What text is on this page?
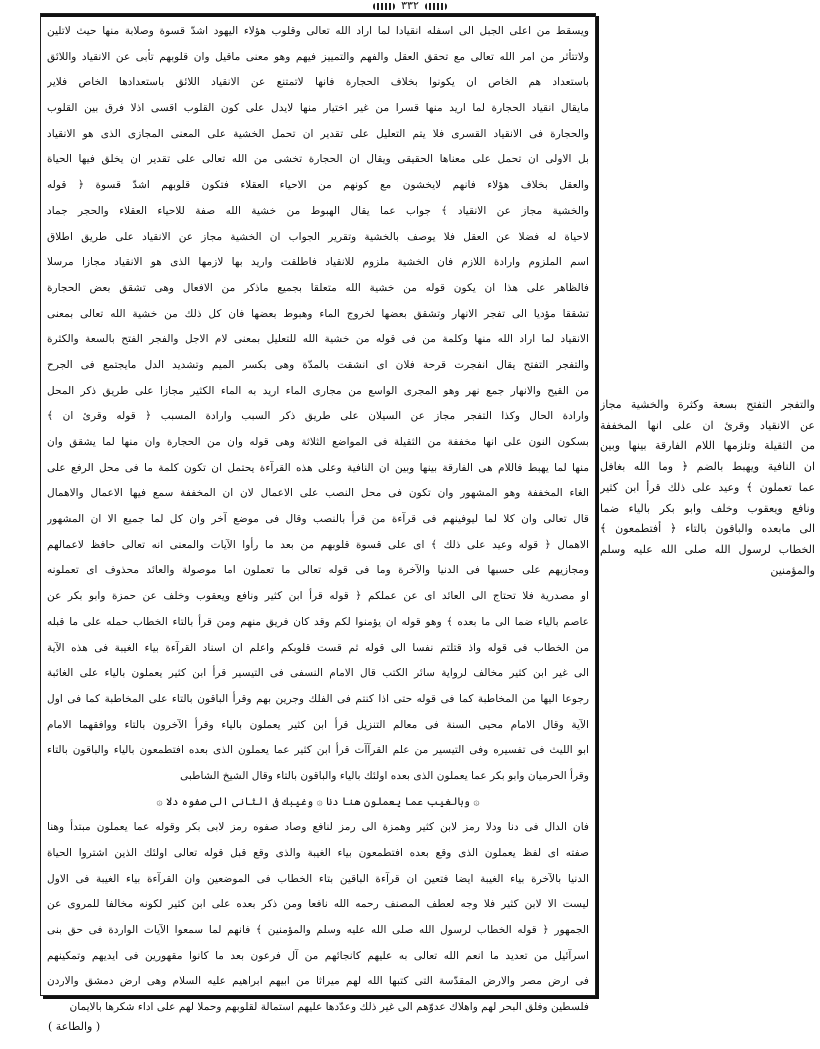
٣٣٢
ويسقط من اعلى الجبل الى اسفله انقيادا لما اراد الله تعالى وقلوب هؤلاء اليهود اشدّ قسوة وصلابة منها حيث لاتلين
ولاتتأثر من امر الله تعالى مع تحقق العقل والفهم والتمييز فيهم وهو معنى ماقيل وان قلوبهم تأبى عن الانقياد واللائق
باستعداد هم الخاص ان يكونوا بخلاف الحجارة فانها لاتمتنع عن الانقياد اللائق باستعدادها الخاص فلاير
مايقال انقياد الحجارة لما اريد منها قسرا من غير اختيار منها لايدل على كون القلوب اقسى اذلا فرق بين القلوب
والحجارة فى الانقياد القسرى فلا يتم التعليل على تقدير ان تحمل الخشية على المعنى المجازى الذى هو الانقياد
بل الاولى ان تحمل على معناها الحقيقى ويقال ان الحجارة تخشى من الله تعالى على تقدير ان يخلق فيها الحياة
والعقل بخلاف هؤلاء فانهم لايخشون مع كونهم من الاحياء العقلاء فتكون قلوبهم اشدّ قسوة ﴿ قوله
والخشية مجاز عن الانقياد ﴾ جواب عما يقال الهبوط من خشية الله صفة للاحياء العقلاء والحجر جماد
لاحياة له فضلا عن العقل فلا يوصف بالخشية وتقرير الجواب ان الخشية مجاز عن الانقياد على طريق اطلاق
اسم الملزوم وارادة اللازم فان الخشية ملزوم للانقياد فاطلقت واريد بها لازمها الذى هو الانقياد مجازا مرسلا
فالظاهر على هذا ان يكون قوله من خشية الله متعلقا بجميع ماذكر من الافعال وهى تشقق بعض الحجارة
تشققا مؤديا الى تفجر الانهار وتشقق بعضها لخروج الماء وهبوط بعضها فان كل ذلك من خشية الله تعالى بمعنى
الانقياد لما اراد الله منها وكلمة من فى قوله من خشية الله للتعليل بمعنى لام الاجل والفجر الفتح بالسعة والكثرة
والتفجر التفتح يقال انفجرت قرحة فلان اى انشقت بالمدّة وهى بكسر الميم وتشديد الدل مايجتمع فى الجرح
من القيح والانهار جمع نهر وهو المجرى الواسع من مجارى الماء اريد به الماء الكثير مجازا على طريق ذكر المحل
وارادة الحال وكذا التفجر مجاز عن السيلان على طريق ذكر السبب وارادة المسبب ﴿ قوله وقرئ ان ﴾
بسكون النون على انها مخففة من الثقيلة فى المواضع الثلاثة وهى قوله وان من الحجارة وان منها لما يشقق وان
منها لما يهبط فاللام هى الفارقة بينها وبين ان النافية وعلى هذه القرآءة يحتمل ان تكون كلمة ما فى محل الرفع على
الغاء المخففة وهو المشهور وان تكون فى محل النصب على الاعمال لان ان المخففة سمع فيها الاعمال والاهمال
قال تعالى وان كلا لما ليوفينهم فى قرآءة من قرأ بالنصب وقال فى موضع آخر وان كل لما جميع الا ان المشهور
الاهمال ﴿ قوله وعيد على ذلك ﴾ اى على قسوة قلوبهم من بعد ما رأوا الآيات والمعنى انه تعالى حافظ لاعمالهم
ومجازيهم على حسبها فى الدنيا والآخرة وما فى قوله تعالى ما تعملون اما موصولة والعائد محذوف اى تعملونه
او مصدرية فلا تحتاج الى العائد اى عن عملكم ﴿ قوله قرأ ابن كثير ونافع ويعقوب وخلف عن حمزة وابو بكر عن
عاصم بالياء ضما الى ما بعده ﴾ وهو قوله ان يؤمنوا لكم وقد كان فريق منهم ومن قرأ بالتاء الخطاب حمله على ما قبله
من الخطاب فى قوله واذ قتلتم نفسا الى قوله ثم قست قلوبكم واعلم ان اسناد القرآءة بياء الغيبة فى هذه الآية
الى غير ابن كثير مخالف لرواية سائر الكتب قال الامام النسفى فى التيسير قرأ ابن كثير يعملون بالياء على الغائبة
رجوعا اليها من المخاطبة كما فى قوله حتى اذا كنتم فى الفلك وجرين بهم وقرأ الباقون بالتاء على المخاطبة كما فى اول
الآية وقال الامام محيى السنة فى معالم التنزيل قرأ ابن كثير يعملون بالياء وقرأ الآخرون بالتاء ووافقهما الامام
ابو الليث فى تفسيره وفى التيسير من علم القرآآت قرأ ابن كثير عما يعملون الذى بعده افتطمعون بالياء والباقون بالتاء
وقرأ الحرميان وابو بكر عما يعملون الذى بعده اولئك بالياء والباقون بالتاء وقال الشيخ الشاطبى
۞ وبالغيب عما يعملون هنا دنا ۞ وغيبك فى الثانى الى صفوه دلا ۞
فان الدال فى دنا ودلا رمز لابن كثير وهمزة الى رمز لنافع وصاد صفوه رمز لابى بكر وقوله عما يعملون مبتدأ وهنا
صفته اى لفظ يعملون الذى وقع بعده افتطمعون بياء الغيبة والذى وقع قبل قوله تعالى اولئك الذين اشتروا الحياة
الدنيا بالآخرة بياء الغيبة ايضا فتعين ان قرآءة الباقين بتاء الخطاب فى الموضعين وان القرآءة بياء الغيبة فى الاول
ليست الا لابن كثير فلا وجه لعطف المصنف رحمه الله نافعا ومن ذكر بعده على ابن كثير لكونه مخالفا للمروى عن
الجمهور ﴿ قوله الخطاب لرسول الله صلى الله عليه وسلم والمؤمنين ﴾ فانهم لما سمعوا الآيات الواردة فى حق بنى
اسرآئيل من تعديد ما انعم الله تعالى به عليهم كانجائهم من آل فرعون بعد ما كانوا مقهورين فى ايديهم وتمكينهم
فى ارض مصر والارض المقدّسة التى كتبها الله لهم ميراثا من ابيهم ابراهيم عليه السلام وهى ارض دمشق والاردن
فلسطين وفلق البحر لهم واهلاك عدوّهم الى غير ذلك وعدّدها عليهم استمالة لقلوبهم وحملا لهم على اداء شكرها بالايمان
والتفجر التفتح بسعة وكثرة والخشية مجاز
عن الانقياد وقرئ ان على انها المخففة
من الثقيلة وتلزمها اللام الفارقة بينها وبين
ان النافية ويهبط بالضم ﴿ وما الله بغافل
عما تعملون ﴾ وعيد على ذلك قرأ ابن كثير
ونافع ويعقوب وخلف وابو بكر بالياء ضما
الى مابعده والباقون بالتاء ﴿ أفتطمعون ﴾
الخطاب لرسول الله صلى الله عليه وسلم
والمؤمنين
( والطاعة )
